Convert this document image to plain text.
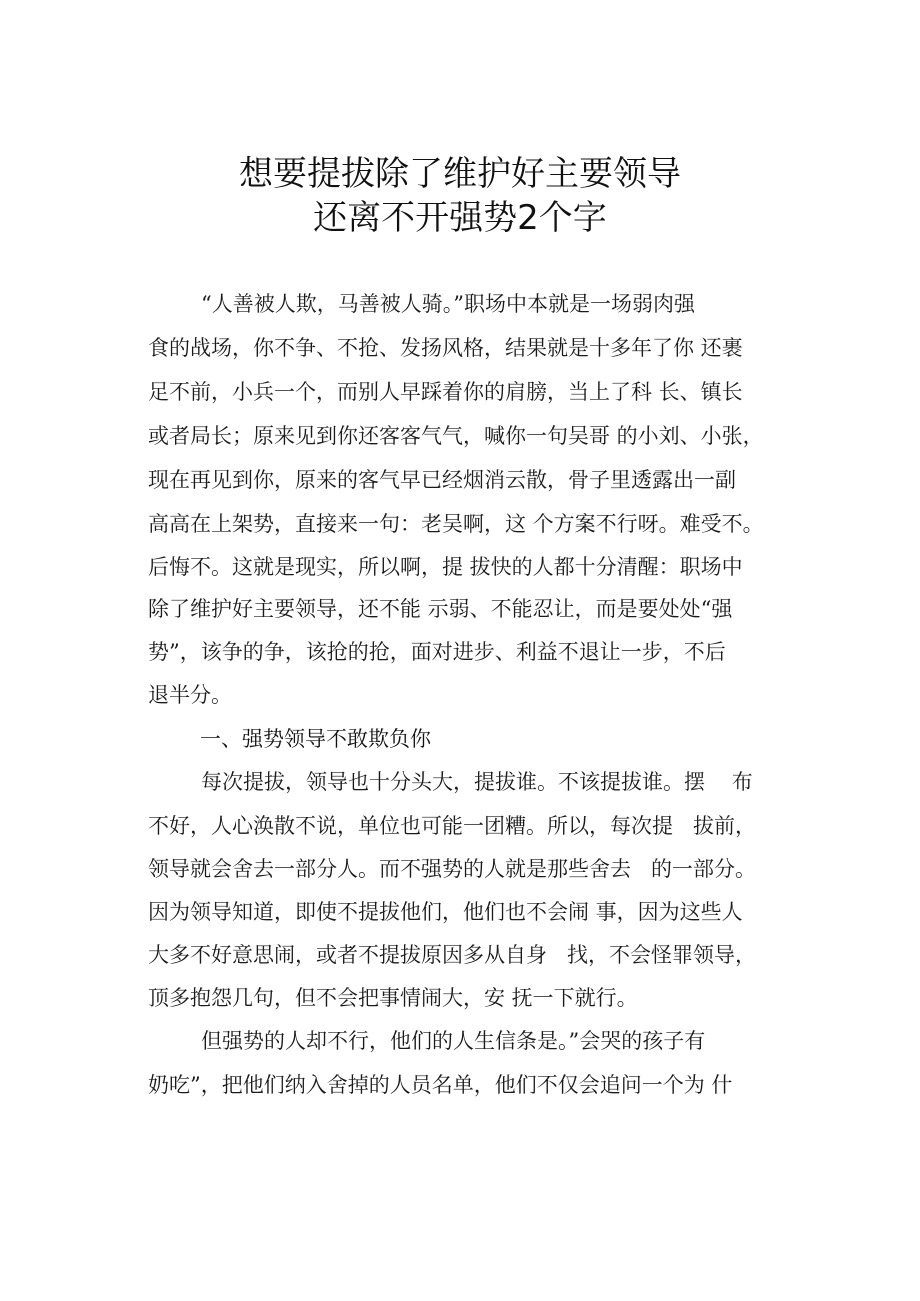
想要提拔除了维护好主要领导
还离不开强势2个字
“人善被人欺，马善被人骑。”职场中本就是一场弱肉强
食的战场，你不争、不抢、发扬风格，结果就是十多年了你 还裹
足不前，小兵一个，而别人早踩着你的肩膀，当上了科 长、镇长
或者局长；原来见到你还客客气气，喊你一句吴哥 的小刘、小张，
现在再见到你，原来的客气早已经烟消云散，骨子里透露出一副
高高在上架势，直接来一句：老吴啊，这 个方案不行呀。难受不。
后悔不。这就是现实，所以啊，提 拔快的人都十分清醒：职场中
除了维护好主要领导，还不能 示弱、不能忍让，而是要处处“强
势”，该争的争，该抢的抢，面对进步、利益不退让一步，不后
退半分。
一、强势领导不敢欺负你
每次提拔，领导也十分头大，提拔谁。不该提拔谁。摆    布
不好，人心涣散不说，单位也可能一团糟。所以，每次提   拔前，
领导就会舍去一部分人。而不强势的人就是那些舍去   的一部分。
因为领导知道，即使不提拔他们，他们也不会闹 事，因为这些人
大多不好意思闹，或者不提拔原因多从自身   找，不会怪罪领导，
顶多抱怨几句，但不会把事情闹大，安 抚一下就行。
但强势的人却不行，他们的人生信条是。”会哭的孩子有
奶吃”，把他们纳入舍掉的人员名单，他们不仅会追问一个为 什
